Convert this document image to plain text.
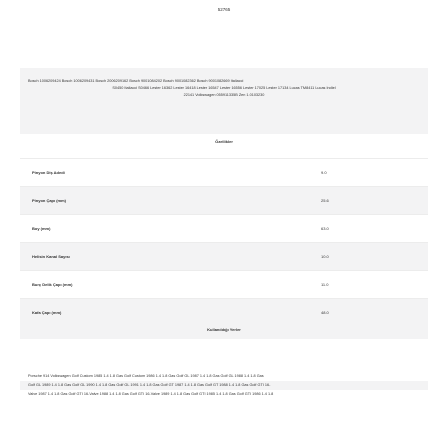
52765
Bosch 1006209424 Bosch 1006209431 Bosch 2006209162 Bosch 9001084202 Bosch 9001082362 Bosch 9001082669 Italiacci
S0450 Italiacci S0466 Lester 16362 Lester 16418 Lester 16547 Lester 16556 Lester 17025 Lester 17134 Lucas TM8411 Lucas Indiel
22141 Volkswagen 055911335B Zen 1.0103230
Özellikler
Pinyon Diş Adedi	9.0
Pinyon Çapı (mm)	25.6
Boy (mm)	63.0
Helisin Kanal Sayısı	10.0
Burç Delik Çapı (mm)	11.0
Kafa Çapı (mm)	48.0
Kullanıldığı Yerler
Porsche 914 Volkswagen Golf Custom 1985 1.4 1.8 Gas Golf Custom 1986 1.4 1.8 Gas Golf GL 1987 1.4 1.8 Gas Golf GL 1988 1.4 1.8 Gas
Golf GL 1989 1.4 1.8 Gas Golf GL 1990 1.4 1.8 Gas Golf GL 1991 1.4 1.8 Gas Golf GT 1987 1.4 1.8 Gas Golf GT 1988 1.4 1.8 Gas Golf GTI 16-
Valve 1987 1.4 1.8 Gas Golf GTI 16-Valve 1988 1.4 1.8 Gas Golf GTI 16-Valve 1989 1.4 1.8 Gas Golf GTI 1985 1.4 1.8 Gas Golf GTI 1986 1.4 1.8
